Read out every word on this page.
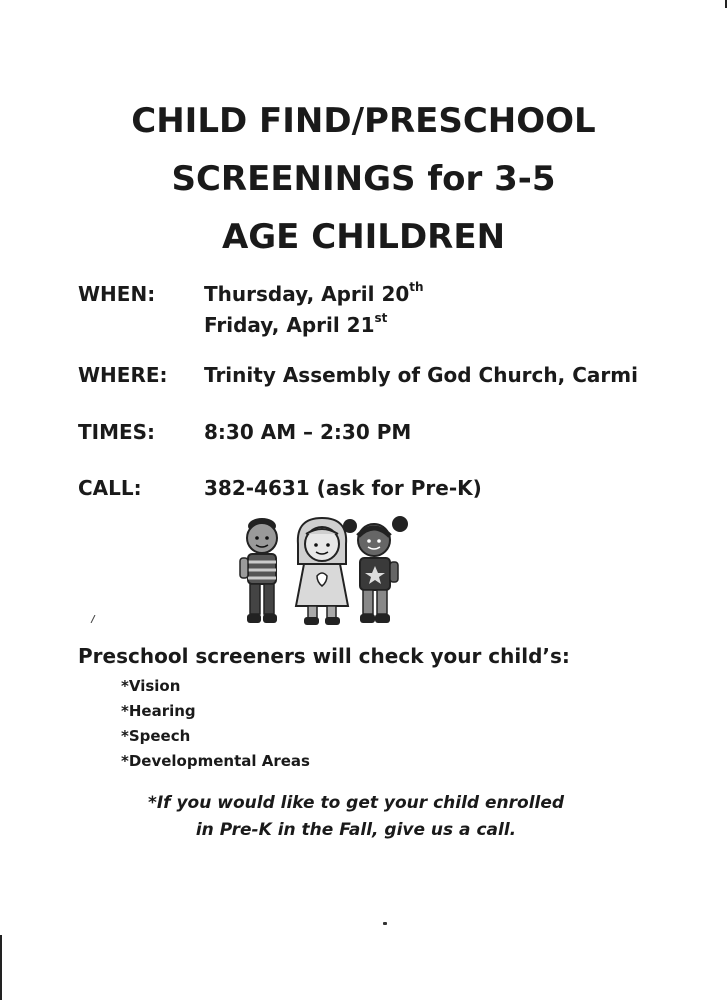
CHILD FIND/PRESCHOOL
SCREENINGS for 3-5
AGE CHILDREN
WHEN: Thursday, April 20th
Friday, April 21st
WHERE: Trinity Assembly of God Church, Carmi
TIMES: 8:30 AM – 2:30 PM
CALL:	382-4631 (ask for Pre-K)
Preschool screeners will check your child’s:
*Vision
*Hearing
*Speech
*Developmental Areas
*If you would like to get your child enrolled
in Pre-K in the Fall, give us a call.
